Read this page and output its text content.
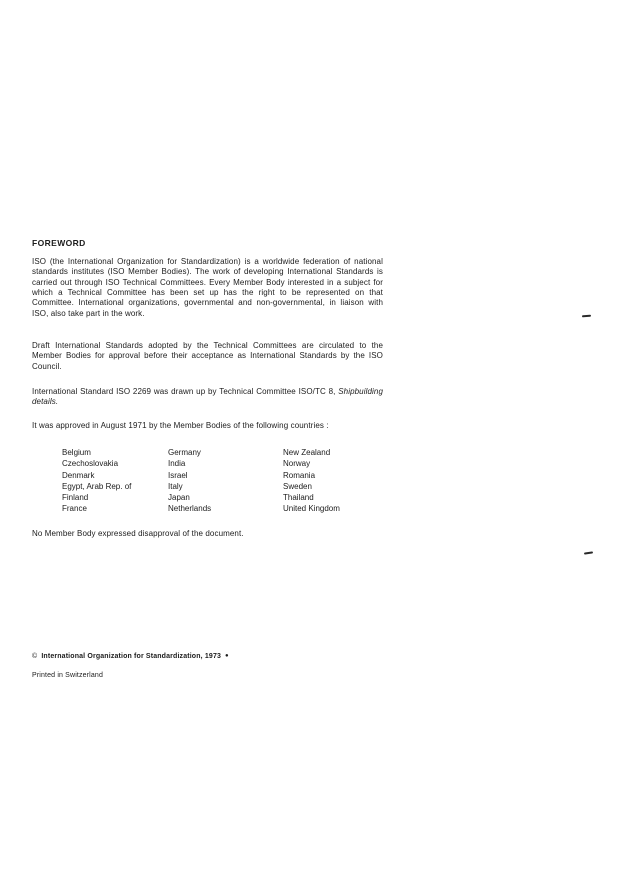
FOREWORD
ISO (the International Organization for Standardization) is a worldwide federation of national standards institutes (ISO Member Bodies). The work of developing International Standards is carried out through ISO Technical Committees. Every Member Body interested in a subject for which a Technical Committee has been set up has the right to be represented on that Committee. International organizations, governmental and non-governmental, in liaison with ISO, also take part in the work.
Draft International Standards adopted by the Technical Committees are circulated to the Member Bodies for approval before their acceptance as International Standards by the ISO Council.
International Standard ISO 2269 was drawn up by Technical Committee ISO/TC 8, Shipbuilding details.
It was approved in August 1971 by the Member Bodies of the following countries :
Belgium
Czechoslovakia
Denmark
Egypt, Arab Rep. of
Finland
France
Germany
India
Israel
Italy
Japan
Netherlands
New Zealand
Norway
Romania
Sweden
Thailand
United Kingdom
No Member Body expressed disapproval of the document.
© International Organization for Standardization, 1973 ●
Printed in Switzerland
